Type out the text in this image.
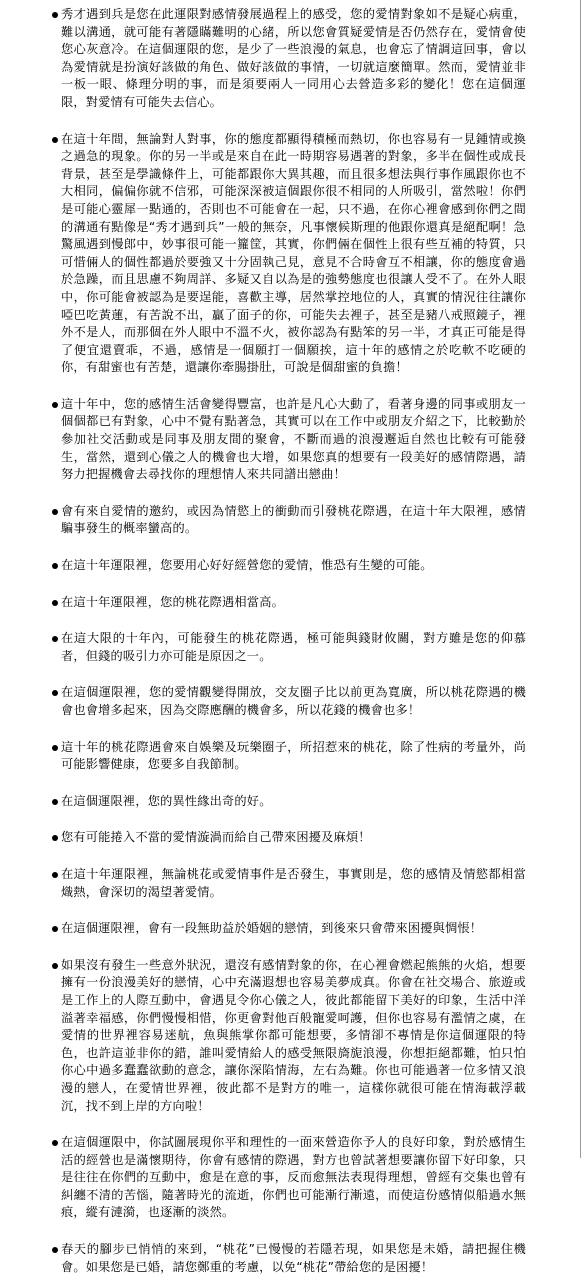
秀才遇到兵是您在此運限對感情發展過程上的感受，您的愛情對象如不是疑心病重，難以溝通，就可能有著隱瞞難明的心緒，所以您會質疑愛情是否仍然存在，愛情會使您心灰意冷。在這個運限的您，是少了一些浪漫的氣息，也會忘了情調這回事，會以為愛情就是扮演好該做的角色、做好該做的事情，一切就這麼簡單。然而，愛情並非一板一眼、條理分明的事，而是須要兩人一同用心去營造多彩的變化！您在這個運限，對愛情有可能失去信心。
在這十年間，無論對人對事，你的態度都顯得積極而熱切，你也容易有一見鍾情或換之過急的現象。你的另一半或是來自在此一時期容易遇著的對象，多半在個性或成長背景，甚至是學識條件上，可能都跟你大異其趣，而且很多想法與行事作風跟你也不大相同，偏偏你就不信邪，可能深深被這個跟你很不相同的人所吸引，當然啦！你們是可能心靈犀一點通的，否則也不可能會在一起，只不過，在你心裡會感到你們之間的溝通有點像是“秀才遇到兵”一般的無奈，凡事懷候斯理的他跟你還真是絕配啊！急驚風遇到慢郎中，妙事很可能一籮筐，其實，你們倆在個性上很有些互補的特質，只可惜倆人的個性都過於要強又十分固執己見，意見不合時會互不相讓，你的態度會過於急躁，而且思慮不夠周詳、多疑又自以為是的強勢態度也很讓人受不了。在外人眼中，你可能會被認為是要逞能，喜歡主導，居然掌控地位的人，真實的情況往往讓你啞巴吃黃蓮，有苦說不出，贏了面子的你，可能失去裡子，甚至是豬八戒照鏡子，裡外不是人，而那個在外人眼中不溫不火，被你認為有點笨的另一半，才真正可能是得了便宜還賣乖，不過，感情是一個願打一個願挨，這十年的感情之於吃軟不吃硬的你，有甜蜜也有苦楚，還讓你牽腸掛肚，可說是個甜蜜的負擔！
這十年中，您的感情生活會變得豐富，也許是凡心大動了，看著身邊的同事或朋友一個個都已有對象，心中不覺有點著急，其實可以在工作中或朋友介紹之下，比較勤於參加社交活動或是同事及朋友間的聚會，不斷而過的浪漫邂逅自然也比較有可能發生，當然，還到心儀之人的機會也大增，如果您真的想要有一段美好的感情際遇，請努力把握機會去尋找你的理想情人來共同譜出戀曲！
會有來自愛情的邀約，或因為情慾上的衝動而引發桃花際遇，在這十年大限裡，感情騙事發生的概率蠻高的。
在這十年運限裡，您要用心好好經營您的愛情，惟恐有生變的可能。
在這十年運限裡，您的桃花際遇相當高。
在這大限的十年內，可能發生的桃花際遇，極可能與錢財攸關，對方雖是您的仰慕者，但錢的吸引力亦可能是原因之一。
在這個運限裡，您的愛情觀變得開放，交友圈子比以前更為寬廣，所以桃花際遇的機會也會增多起來，因為交際應酬的機會多，所以花錢的機會也多！
這十年的桃花際遇會來自娛樂及玩樂圈子，所招惹來的桃花，除了性病的考量外，尚可能影響健康，您要多自我節制。
在這個運限裡，您的異性緣出奇的好。
您有可能捲入不當的愛情漩渦而給自己帶來困擾及麻煩！
在這十年運限裡，無論桃花或愛情事件是否發生，事實則是，您的感情及情慾都相當熾熱，會深切的渴望著愛情。
在這個運限裡，會有一段無助益於婚姻的戀情，到後來只會帶來困擾與惆悵！
如果沒有發生一些意外狀況，還沒有感情對象的你，在心裡會燃起熊熊的火焰，想要擁有一份浪漫美好的戀情，心中充滿遐想也容易美夢成真。你會在社交場合、旅遊或是工作上的人際互動中，會遇見令你心儀之人，彼此都能留下美好的印象，生活中洋溢著幸福感，你們慢慢相惜，你更會對他百般寵愛呵護，但你也容易有濫情之虞，在愛情的世界裡容易迷航，魚與熊掌你都可能想要，多情卻不專情是你這個運限的特色，也許這並非你的錯，誰叫愛情給人的感受無限旖旎浪漫，你想拒絕都難，怕只怕你心中過多蠢蠢欲動的意念，讓你深陷情海，左右為難。你也可能過著一位多情又浪漫的戀人，在愛情世界裡，彼此都不是對方的唯一，這樣你就很可能在情海載浮載沉，找不到上岸的方向啦！
在這個運限中，你試圖展現你平和理性的一面來營造你予人的良好印象，對於感情生活的經營也是滿懷期待，你會有感情的際遇，對方也曾試著想要讓你留下好印象，只是往往在你們的互動中，愈是在意的事，反而愈無法表現得理想，曾經有交集也曾有糾纏不清的苦惱，隨著時光的流逝，你們也可能漸行漸遠，而使這份感情似船過水無痕，縱有漣漪，也逐漸的淡然。
春天的腳步已悄悄的來到，“桃花”已慢慢的若隱若現，如果您是未婚，請把握住機會。如果您是已婚，請您鄭重的考慮，以免“桃花”帶給您的是困擾！
